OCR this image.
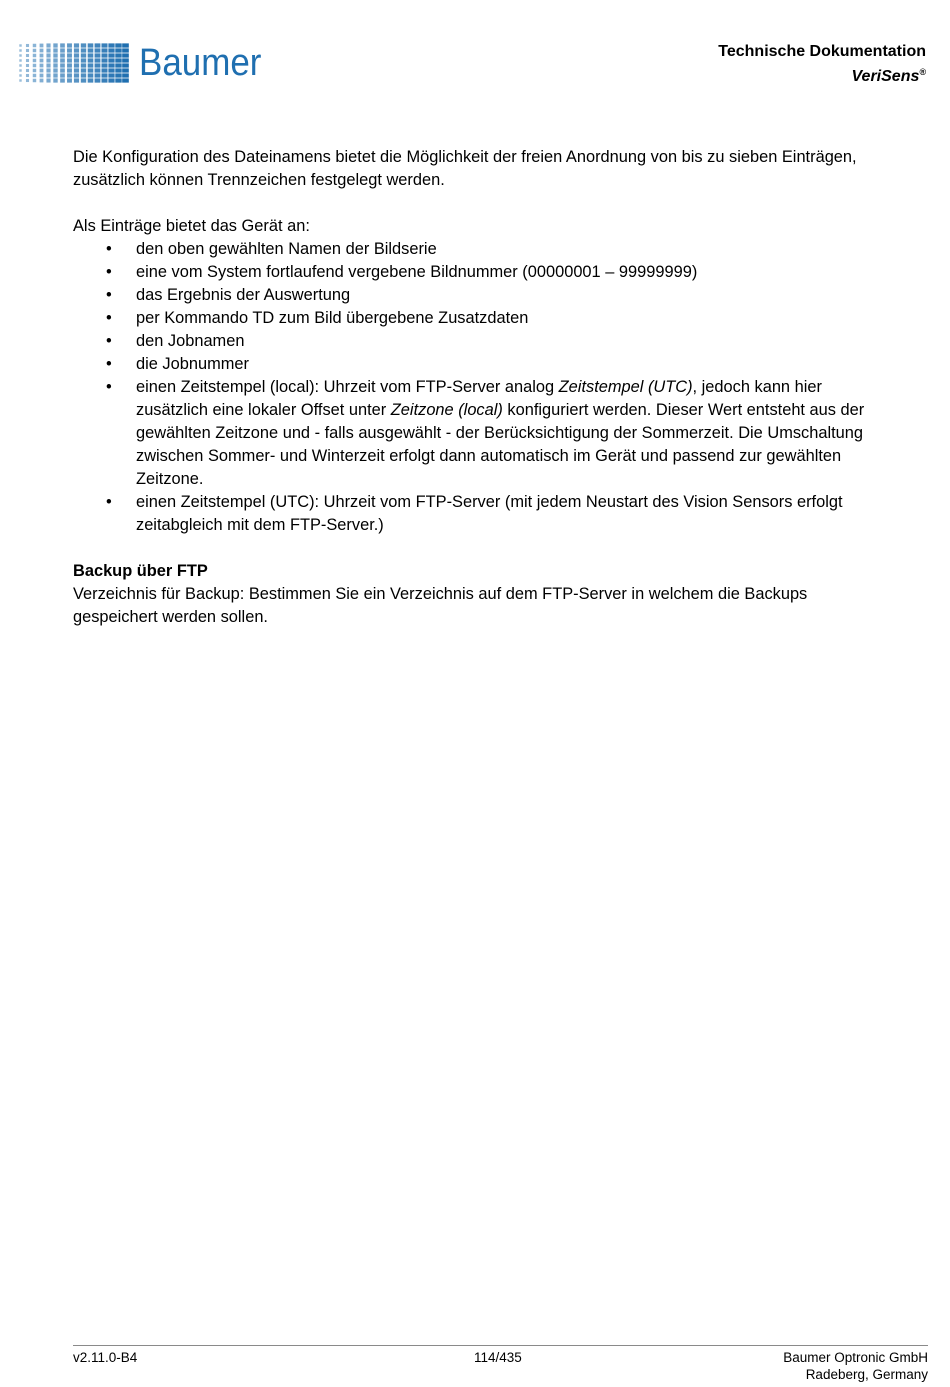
Baumer	Technische Dokumentation
VeriSens®

Die Konfiguration des Dateinamens bietet die Möglichkeit der freien Anordnung von bis zu sieben Einträgen,
zusätzlich können Trennzeichen festgelegt werden.

Als Einträge bietet das Gerät an:

• den oben gewählten Namen der Bildserie
• eine vom System fortlaufend vergebene Bildnummer (00000001 – 99999999)
• das Ergebnis der Auswertung
• per Kommando TD zum Bild übergebene Zusatzdaten
• den Jobnamen
• die Jobnummer
• einen Zeitstempel (local): Uhrzeit vom FTP-Server analog Zeitstempel (UTC), jedoch kann hier
zusätzlich eine lokaler Offset unter Zeitzone (local) konfiguriert werden. Dieser Wert entsteht aus der
gewählten Zeitzone und - falls ausgewählt - der Berücksichtigung der Sommerzeit. Die Umschaltung
zwischen Sommer- und Winterzeit erfolgt dann automatisch im Gerät und passend zur gewählten
Zeitzone.
• einen Zeitstempel (UTC): Uhrzeit vom FTP-Server (mit jedem Neustart des Vision Sensors erfolgt
zeitabgleich mit dem FTP-Server.)

Backup über FTP

Verzeichnis für Backup: Bestimmen Sie ein Verzeichnis auf dem FTP-Server in welchem die Backups
gespeichert werden sollen.

v2.11.0-B4	114/435	Baumer Optronic GmbH
Radeberg, Germany
